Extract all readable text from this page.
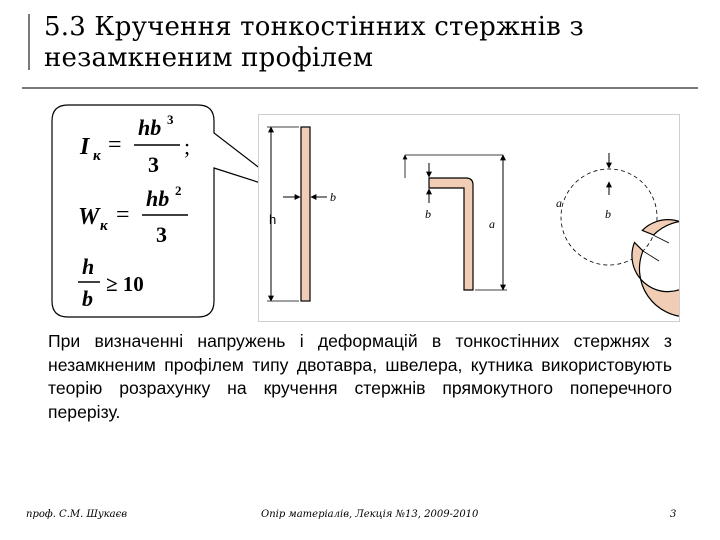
5.3 Кручення тонкостінних стержнів з
незамкненим профілем
I к =
hb 3
3
;
W к =
hb 2
3
h
b
≥ 10
h
b
b
a
b
a

При визначенні напружень і деформацій в тонкостінних стержнях з незамкненим профілем типу двотавра, швелера, кутника використовують теорію розрахунку на кручення стержнів прямокутного поперечного перерізу.

проф. С.М. Шукаєв	Опір матеріалів, Лекція №13, 2009-2010	3
